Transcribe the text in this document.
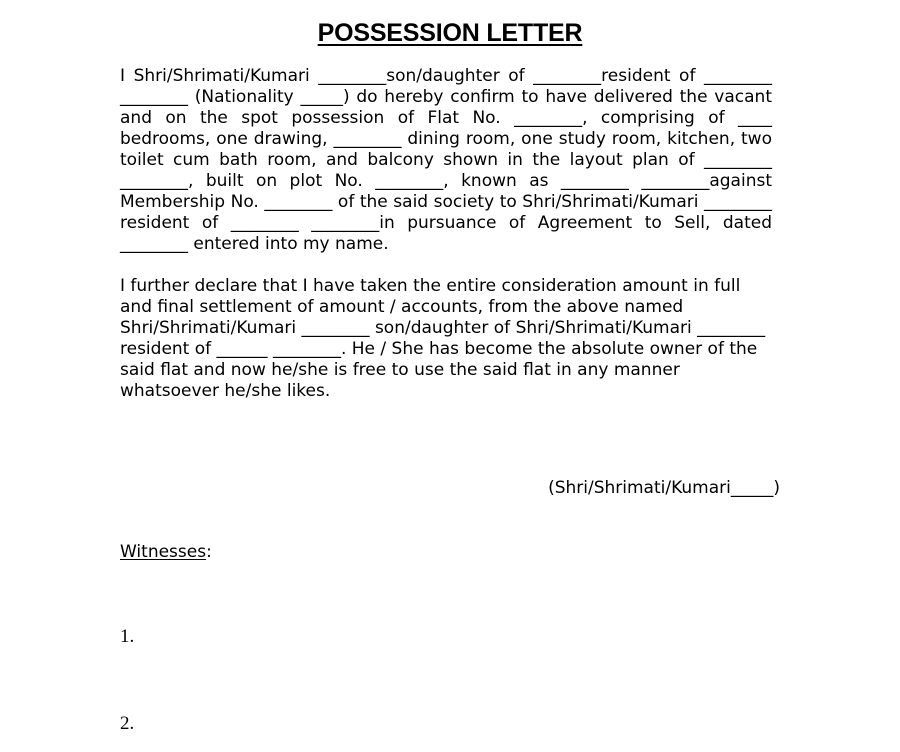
POSSESSION LETTER

I Shri/Shrimati/Kumari ________son/daughter of ________resident of ________ ________ (Nationality _____) do hereby confirm to have delivered the vacant and on the spot possession of Flat No. ________, comprising of ____ bedrooms, one drawing, ________ dining room, one study room, kitchen, two toilet cum bath room, and balcony shown in the layout plan of ________ ________, built on plot No. ________, known as ________ ________against Membership No. ________ of the said society to Shri/Shrimati/Kumari ________ resident of ________ ________in pursuance of Agreement to Sell, dated ________ entered into my name.

I further declare that I have taken the entire consideration amount in full and final settlement of amount / accounts, from the above named Shri/Shrimati/Kumari ________ son/daughter of Shri/Shrimati/Kumari ________ resident of ______ ________. He / She has become the absolute owner of the said flat and now he/she is free to use the said flat in any manner whatsoever he/she likes.

(Shri/Shrimati/Kumari_____)
Witnesses:
1.
2.
